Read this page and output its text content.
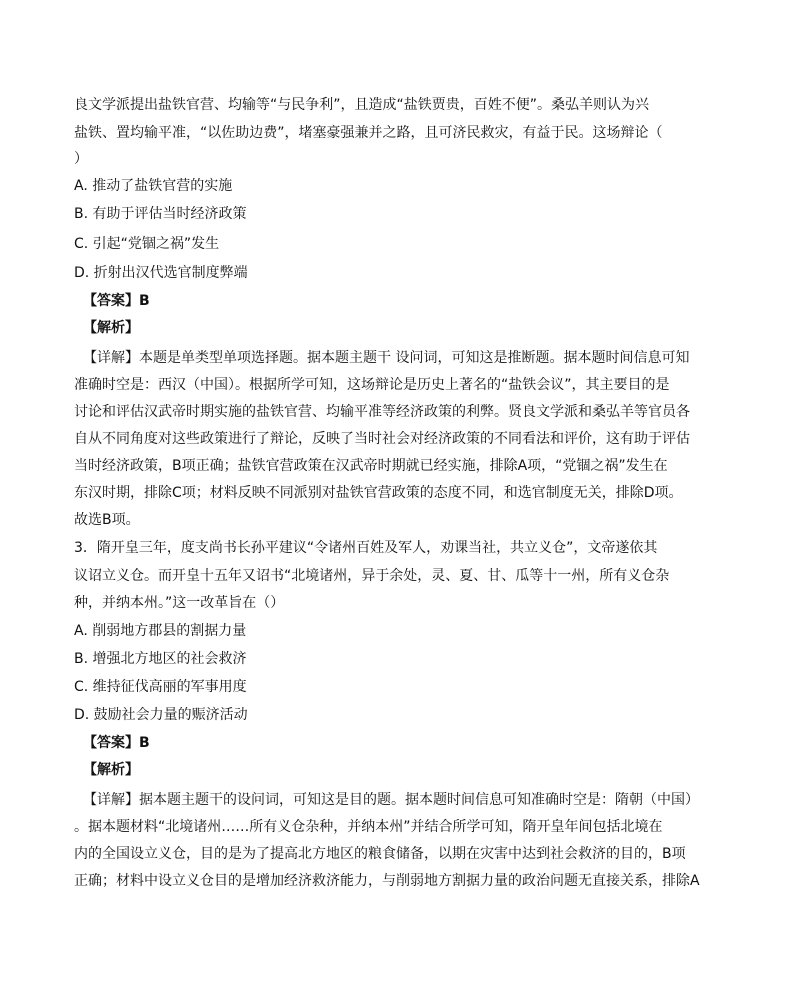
良文学派提出盐铁官营、均输等“与民争利”，且造成“盐铁贾贵，百姓不便”。桑弘羊则认为兴
盐铁、置均输平准，“以佐助边费”，堵塞豪强兼并之路，且可济民救灾，有益于民。这场辩论（
）
A. 推动了盐铁官营的实施
B. 有助于评估当时经济政策
C. 引起“党锢之祸”发生
D. 折射出汉代选官制度弊端
【答案】B
【解析】
【详解】本题是单类型单项选择题。据本题主题干 设问词，可知这是推断题。据本题时间信息可知
准确时空是：西汉（中国）。根据所学可知，这场辩论是历史上著名的“盐铁会议”，其主要目的是
讨论和评估汉武帝时期实施的盐铁官营、均输平准等经济政策的利弊。贤良文学派和桑弘羊等官员各
自从不同角度对这些政策进行了辩论，反映了当时社会对经济政策的不同看法和评价，这有助于评估
当时经济政策，B项正确；盐铁官营政策在汉武帝时期就已经实施，排除A项，“党锢之祸”发生在
东汉时期，排除C项；材料反映不同派别对盐铁官营政策的态度不同，和选官制度无关，排除D项。
故选B项。
3．隋开皇三年，度支尚书长孙平建议“令诸州百姓及军人，劝课当社，共立义仓”，文帝遂依其
议诏立义仓。而开皇十五年又诏书“北境诸州，异于余处，灵、夏、甘、瓜等十一州，所有义仓杂
种，并纳本州。”这一改革旨在（）
A. 削弱地方郡县的割据力量
B. 增强北方地区的社会救济
C. 维持征伐高丽的军事用度
D. 鼓励社会力量的赈济活动
【答案】B
【解析】
【详解】据本题主题干的设问词，可知这是目的题。据本题时间信息可知准确时空是：隋朝（中国）
。据本题材料“北境诸州……所有义仓杂种，并纳本州”并结合所学可知，隋开皇年间包括北境在
内的全国设立义仓，目的是为了提高北方地区的粮食储备，以期在灾害中达到社会救济的目的，B项
正确；材料中设立义仓目的是增加经济救济能力，与削弱地方割据力量的政治问题无直接关系，排除A
